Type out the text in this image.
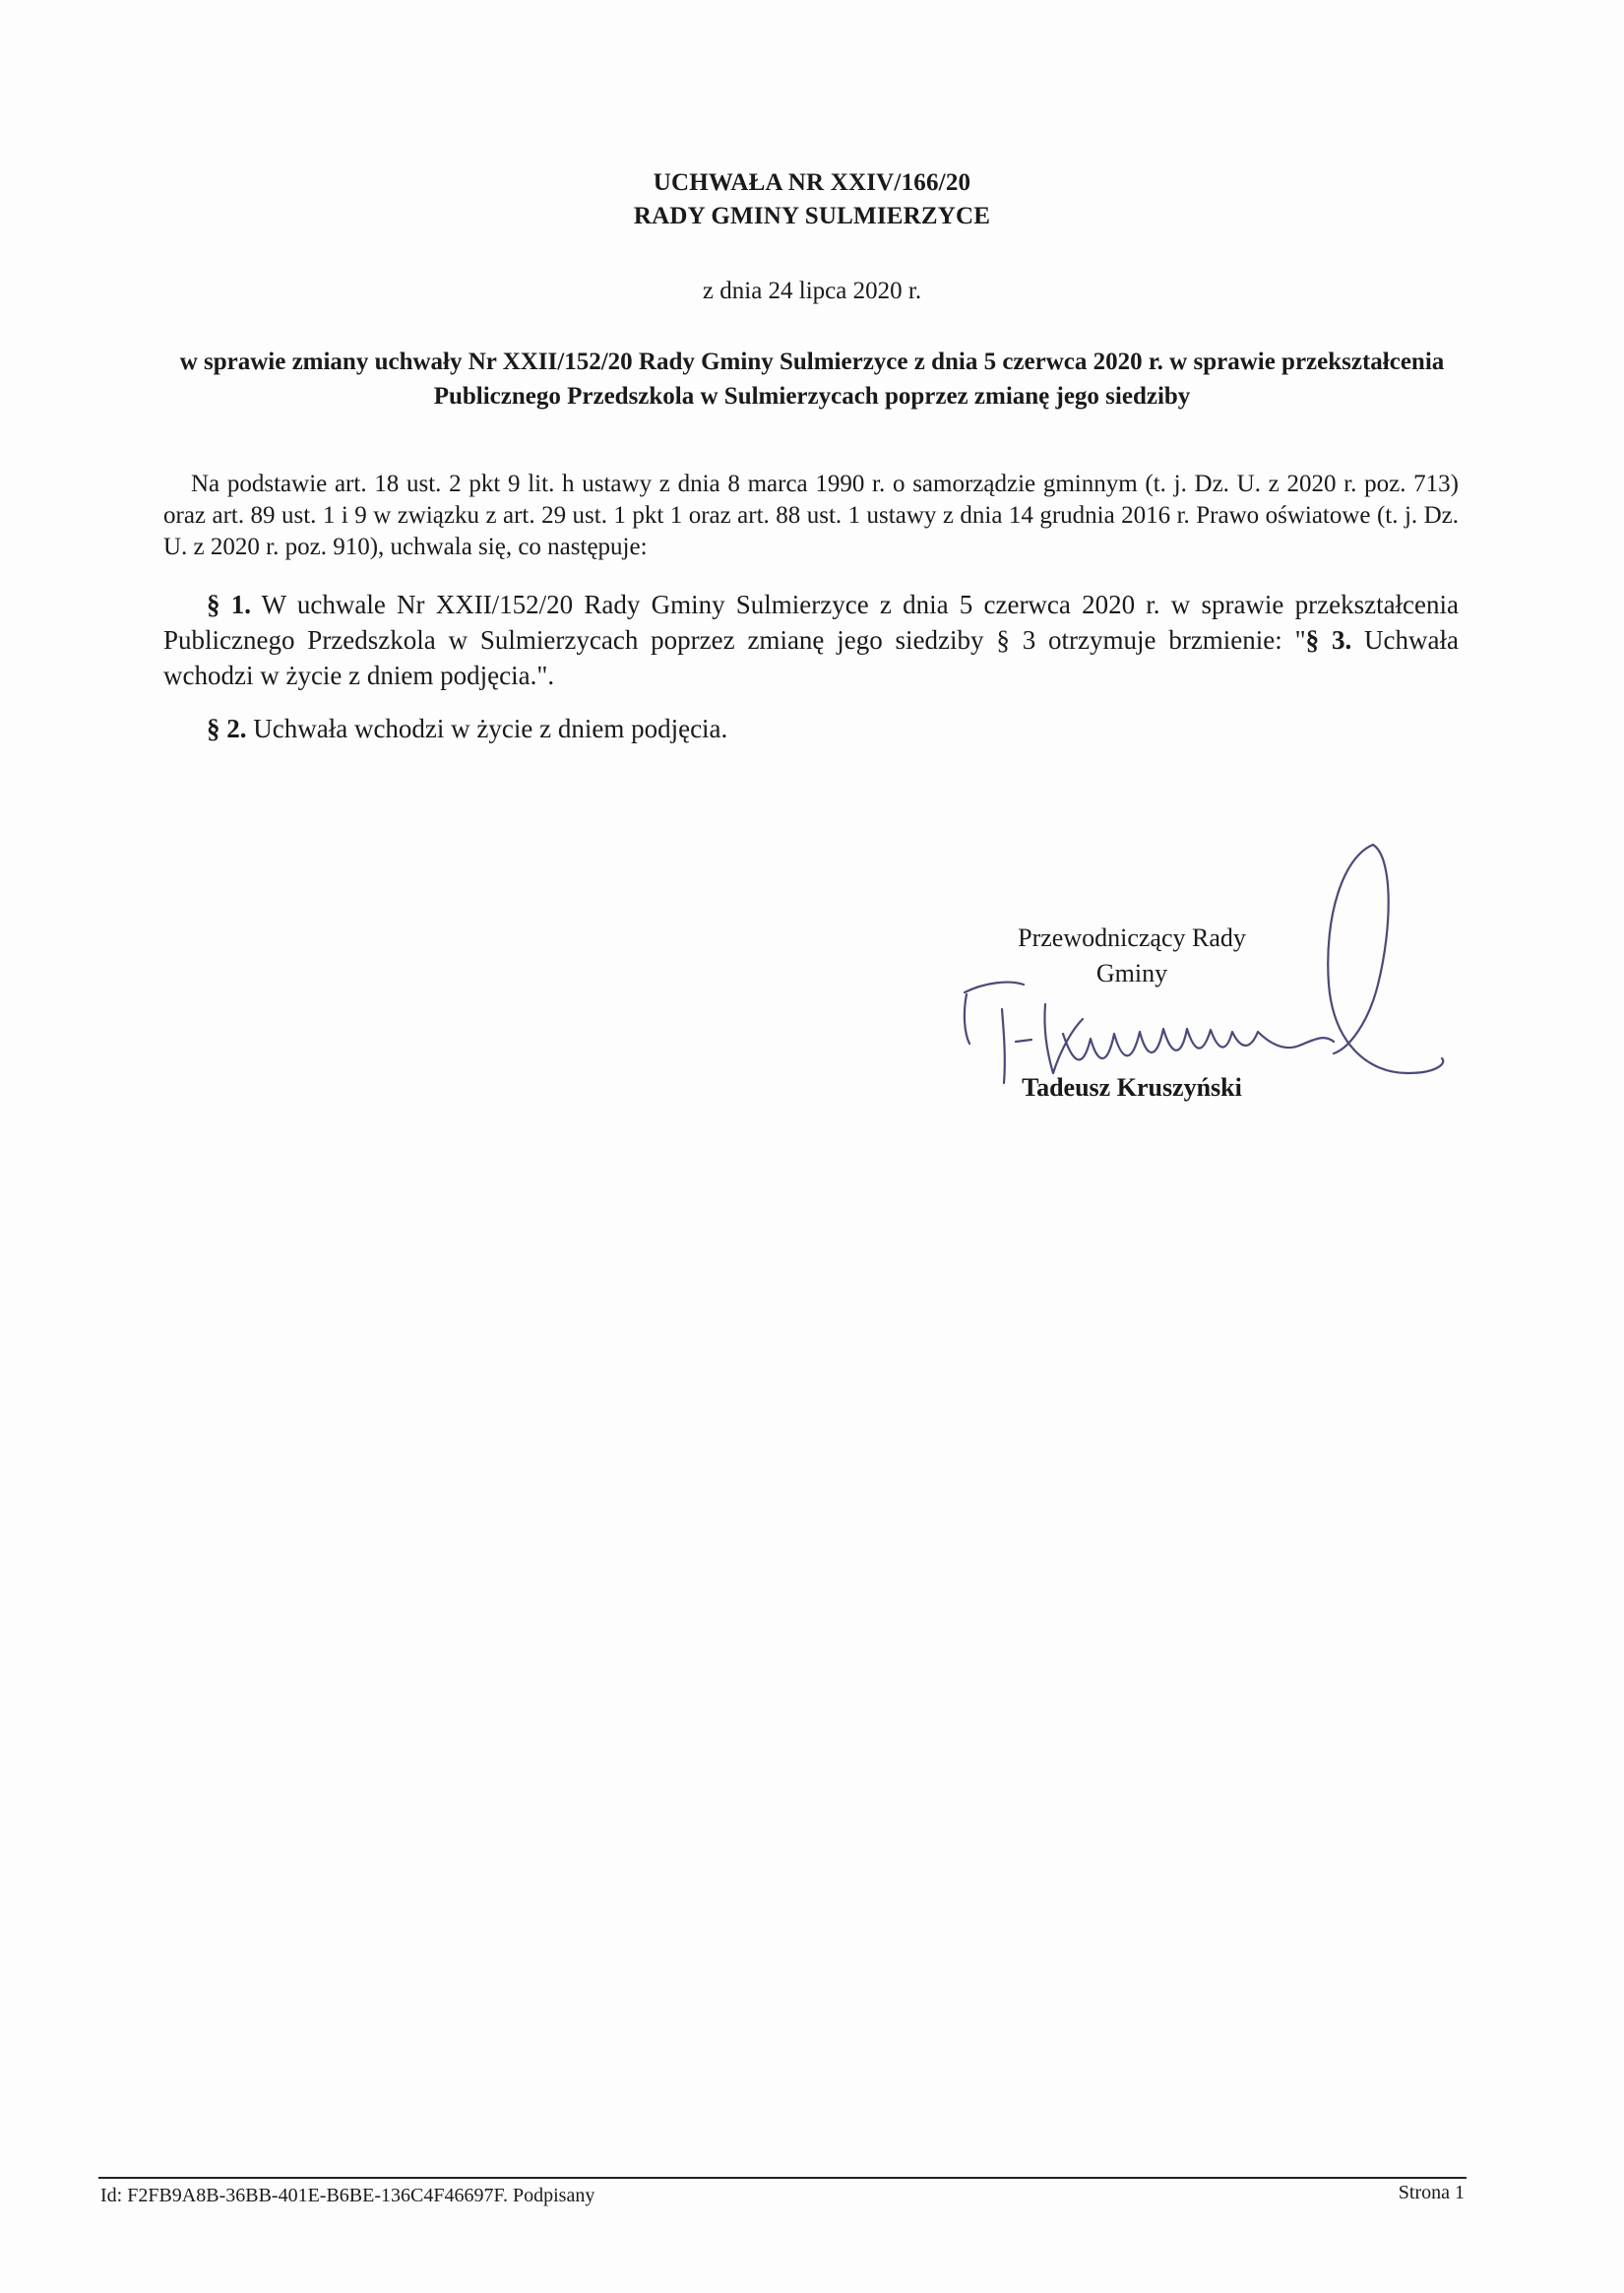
UCHWAŁA NR XXIV/166/20
RADY GMINY SULMIERZYCE
z dnia 24 lipca 2020 r.
w sprawie zmiany uchwały Nr XXII/152/20 Rady Gminy Sulmierzyce z dnia 5 czerwca 2020 r. w sprawie przekształcenia Publicznego Przedszkola w Sulmierzycach poprzez zmianę jego siedziby
Na podstawie art. 18 ust. 2 pkt 9 lit. h ustawy z dnia 8 marca 1990 r. o samorządzie gminnym (t. j. Dz. U. z 2020 r. poz. 713) oraz art. 89 ust. 1 i 9 w związku z art. 29 ust. 1 pkt 1 oraz art. 88 ust. 1 ustawy z dnia 14 grudnia 2016 r. Prawo oświatowe (t. j. Dz. U. z 2020 r. poz. 910), uchwala się, co następuje:
§ 1. W uchwale Nr XXII/152/20 Rady Gminy Sulmierzyce z dnia 5 czerwca 2020 r. w sprawie przekształcenia Publicznego Przedszkola w Sulmierzycach poprzez zmianę jego siedziby § 3 otrzymuje brzmienie: "§ 3. Uchwała wchodzi w życie z dniem podjęcia.".
§ 2. Uchwała wchodzi w życie z dniem podjęcia.
Przewodniczący Rady
Gminy
Tadeusz Kruszyński
Id: F2FB9A8B-36BB-401E-B6BE-136C4F46697F. Podpisany	Strona 1
